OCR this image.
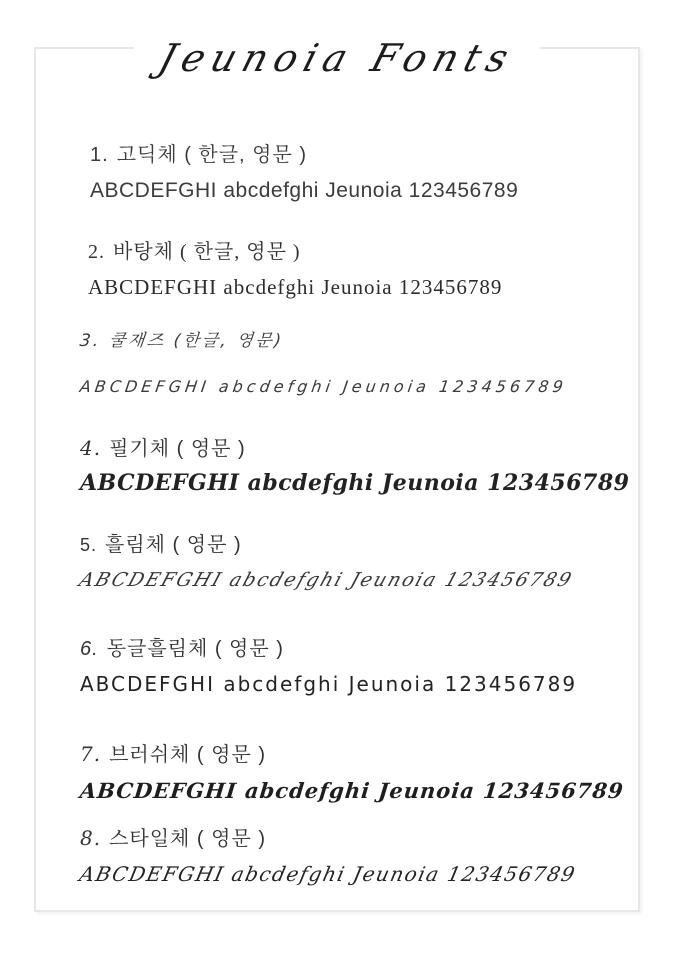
Jeunoia Fonts
1. 고딕체 ( 한글, 영문 )
ABCDEFGHI abcdefghi Jeunoia 123456789
2. 바탕체 ( 한글, 영문 )
ABCDEFGHI abcdefghi Jeunoia 123456789
3. 쿨재즈 (한글, 영문)
ABCDEFGHI abcdefghi Jeunoia 123456789
4. 필기체 ( 영문 )
ABCDEFGHI abcdefghi Jeunoia 123456789
5. 흘림체 ( 영문 )
ABCDEFGHI abcdefghi Jeunoia 123456789
6. 동글흘림체 ( 영문 )
ABCDEFGHI abcdefghi Jeunoia 123456789
7. 브러쉬체 ( 영문 )
ABCDEFGHI abcdefghi Jeunoia 123456789
8. 스타일체 ( 영문 )
ABCDEFGHI abcdefghi Jeunoia 123456789
